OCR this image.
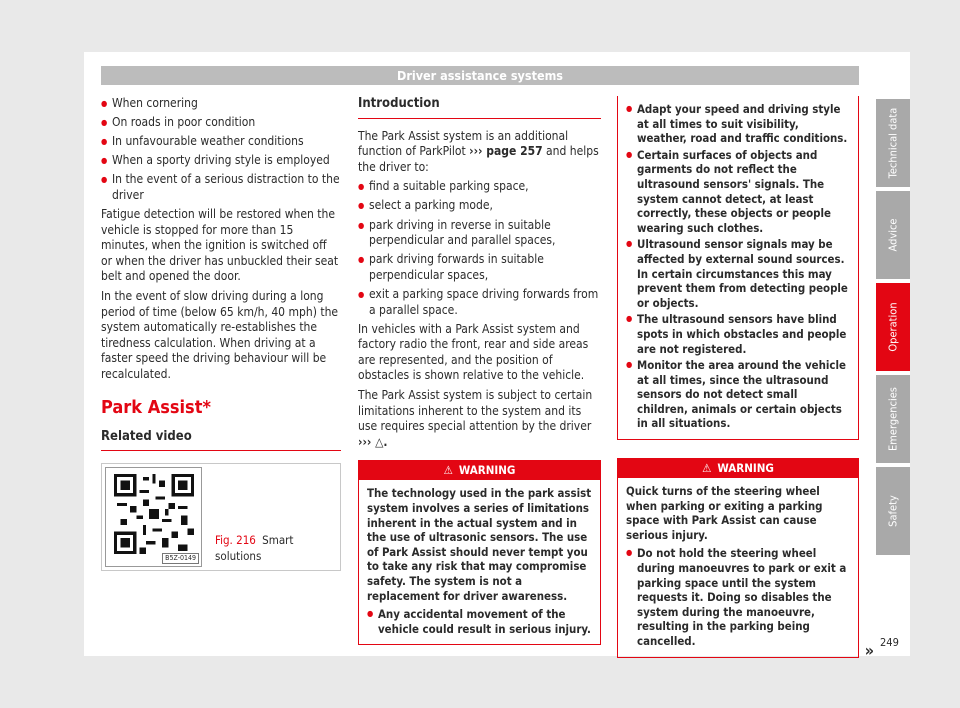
Driver assistance systems
● When cornering
● On roads in poor condition
● In unfavourable weather conditions
● When a sporty driving style is employed
● In the event of a serious distraction to the driver

Fatigue detection will be restored when the vehicle is stopped for more than 15 minutes, when the ignition is switched off or when the driver has unbuckled their seat belt and opened the door.

In the event of slow driving during a long period of time (below 65 km/h, 40 mph) the system automatically re-establishes the tiredness calculation. When driving at a faster speed the driving behaviour will be recalculated.

Park Assist*
Related video
B5Z-0149
Fig. 216 Smart solutions
Introduction

The Park Assist system is an additional function of ParkPilot ››› page 257 and helps the driver to:

● find a suitable parking space,
● select a parking mode,
● park driving in reverse in suitable perpendicular and parallel spaces,
● park driving forwards in suitable perpendicular spaces,
● exit a parking space driving forwards from a parallel space.

In vehicles with a Park Assist system and factory radio the front, rear and side areas are represented, and the position of obstacles is shown relative to the vehicle.

The Park Assist system is subject to certain limitations inherent to the system and its use requires special attention by the driver ››› △.

⚠ WARNING

The technology used in the park assist system involves a series of limitations inherent in the actual system and in the use of ultrasonic sensors. The use of Park Assist should never tempt you to take any risk that may compromise safety. The system is not a replacement for driver awareness.

● Any accidental movement of the vehicle could result in serious injury.
● Adapt your speed and driving style at all times to suit visibility, weather, road and traffic conditions.
● Certain surfaces of objects and garments do not reflect the ultrasound sensors' signals. The system cannot detect, at least correctly, these objects or people wearing such clothes.
● Ultrasound sensor signals may be affected by external sound sources. In certain circumstances this may prevent them from detecting people or objects.
● The ultrasound sensors have blind spots in which obstacles and people are not registered.
● Monitor the area around the vehicle at all times, since the ultrasound sensors do not detect small children, animals or certain objects in all situations.
⚠ WARNING

Quick turns of the steering wheel when parking or exiting a parking space with Park Assist can cause serious injury.

● Do not hold the steering wheel during manoeuvres to park or exit a parking space until the system requests it. Doing so disables the system during the manoeuvre, resulting in the parking being cancelled.	»
Technical data
Advice
Operation
Emergencies
Safety
249
